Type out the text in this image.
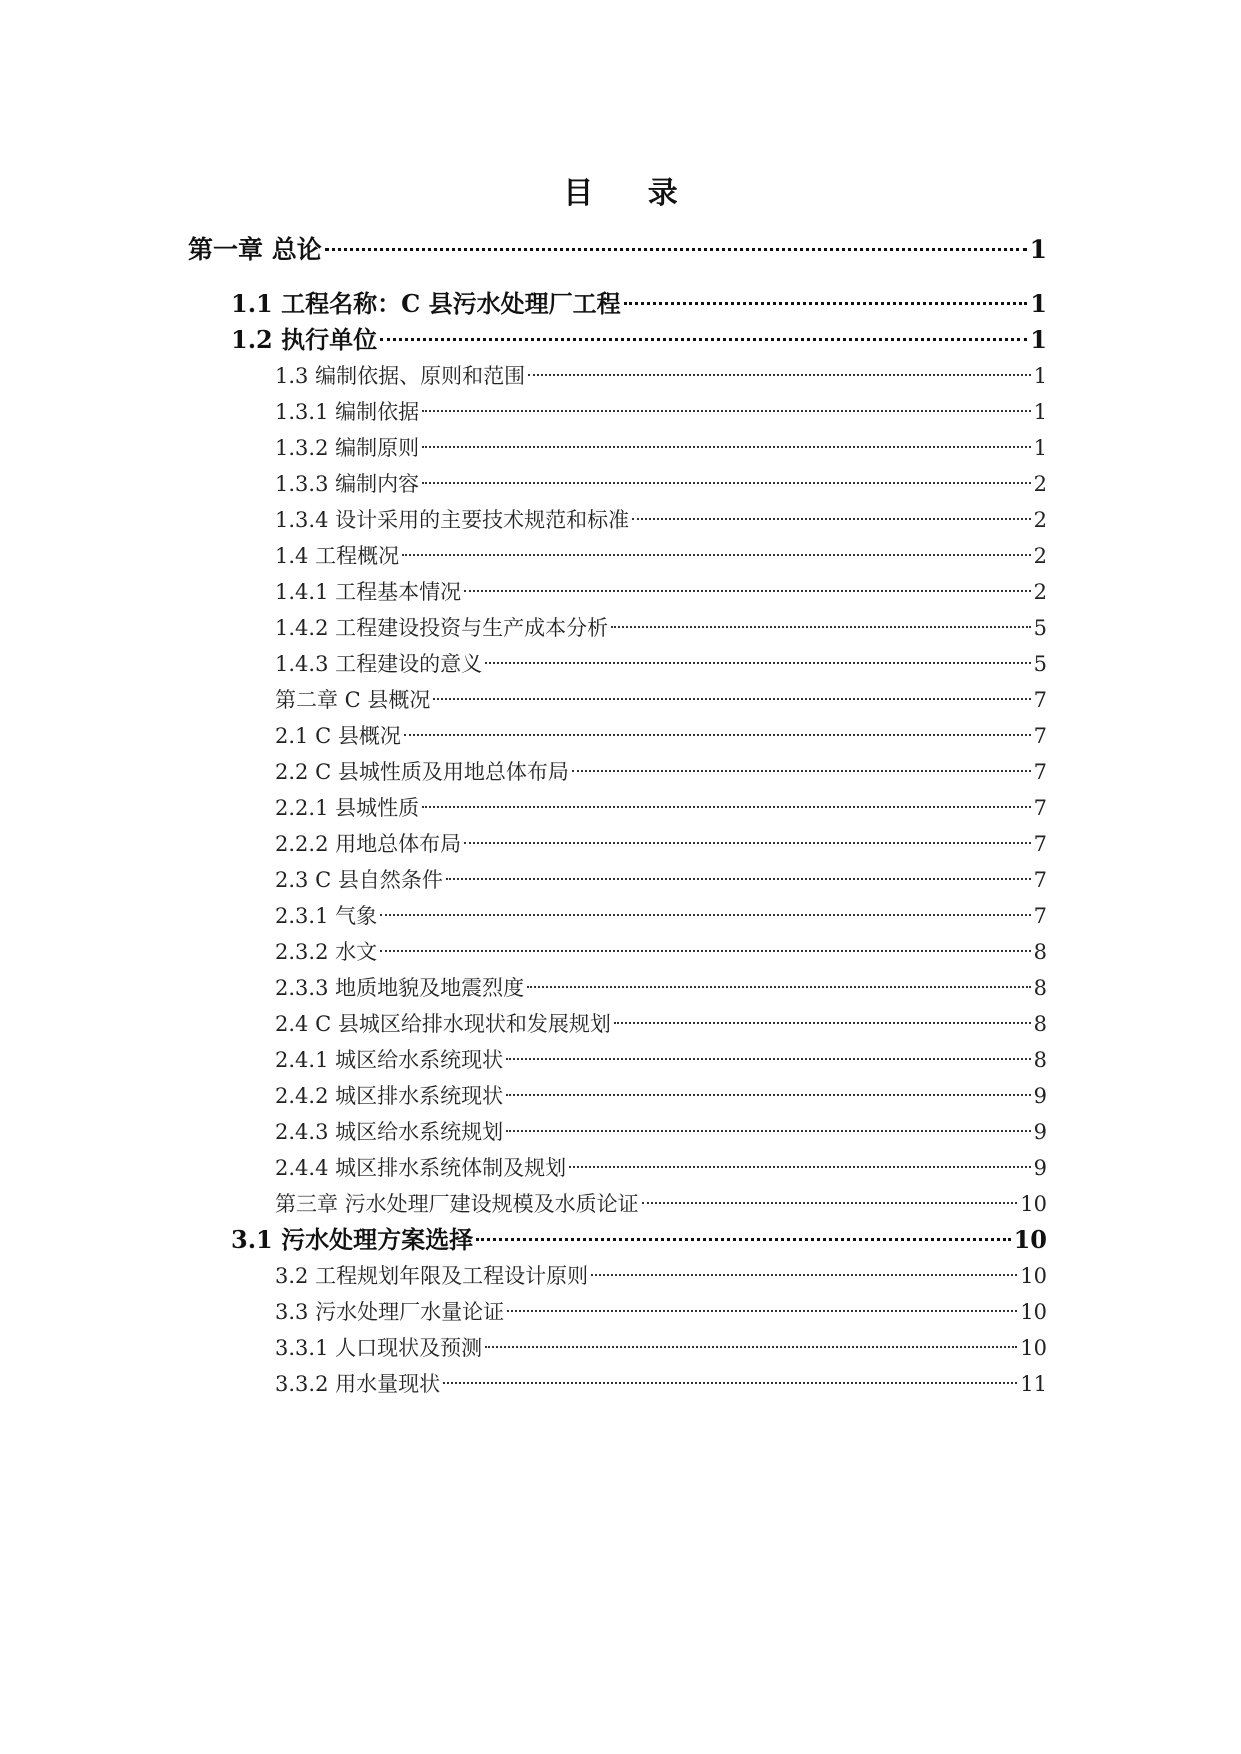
目 录
第一章 总论	1
1.1 工程名称：C 县污水处理厂工程	1
1.2 执行单位	1
1.3 编制依据、原则和范围	1
1.3.1 编制依据	1
1.3.2 编制原则	1
1.3.3 编制内容	2
1.3.4 设计采用的主要技术规范和标准	2
1.4 工程概况	2
1.4.1 工程基本情况	2
1.4.2 工程建设投资与生产成本分析	5
1.4.3 工程建设的意义	5
第二章 C 县概况	7
2.1 C 县概况	7
2.2 C 县城性质及用地总体布局	7
2.2.1 县城性质	7
2.2.2 用地总体布局	7
2.3 C 县自然条件	7
2.3.1 气象	7
2.3.2 水文	8
2.3.3 地质地貌及地震烈度	8
2.4 C 县城区给排水现状和发展规划	8
2.4.1 城区给水系统现状	8
2.4.2 城区排水系统现状	9
2.4.3 城区给水系统规划	9
2.4.4 城区排水系统体制及规划	9
第三章 污水处理厂建设规模及水质论证	10
3.1 污水处理方案选择	10
3.2 工程规划年限及工程设计原则	10
3.3 污水处理厂水量论证	10
3.3.1 人口现状及预测	10
3.3.2 用水量现状	11
